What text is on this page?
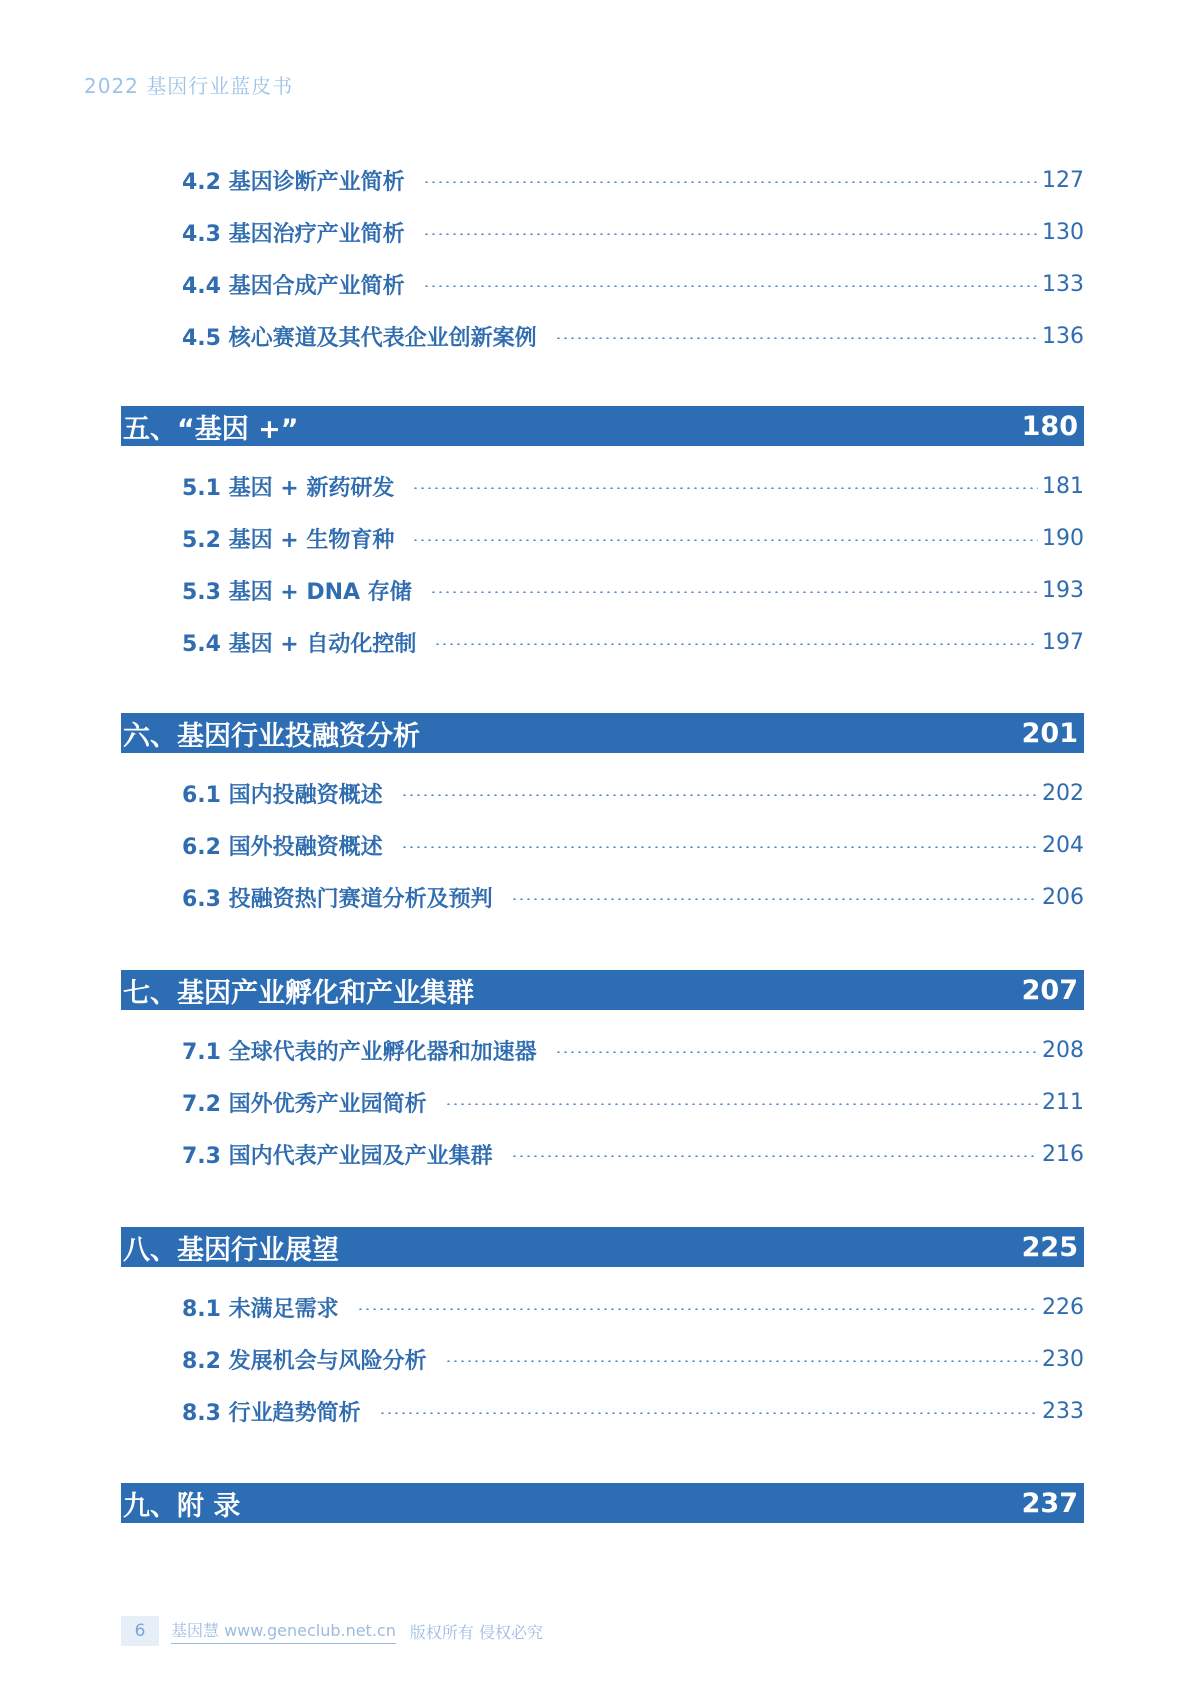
2022 基因行业蓝皮书
4.2 基因诊断产业简析	127
4.3 基因治疗产业简析	130
4.4 基因合成产业简析	133
4.5 核心赛道及其代表企业创新案例	136
五、“基因 +”	180
5.1 基因 + 新药研发	181
5.2 基因 + 生物育种	190
5.3 基因 + DNA 存储	193
5.4 基因 + 自动化控制	197
六、基因行业投融资分析	201
6.1 国内投融资概述	202
6.2 国外投融资概述	204
6.3 投融资热门赛道分析及预判	206
七、基因产业孵化和产业集群	207
7.1 全球代表的产业孵化器和加速器	208
7.2 国外优秀产业园简析	211
7.3 国内代表产业园及产业集群	216
八、基因行业展望	225
8.1 未满足需求	226
8.2 发展机会与风险分析	230
8.3 行业趋势简析	233
九、附 录	237
6	基因慧 www.geneclub.net.cn 版权所有 侵权必究
